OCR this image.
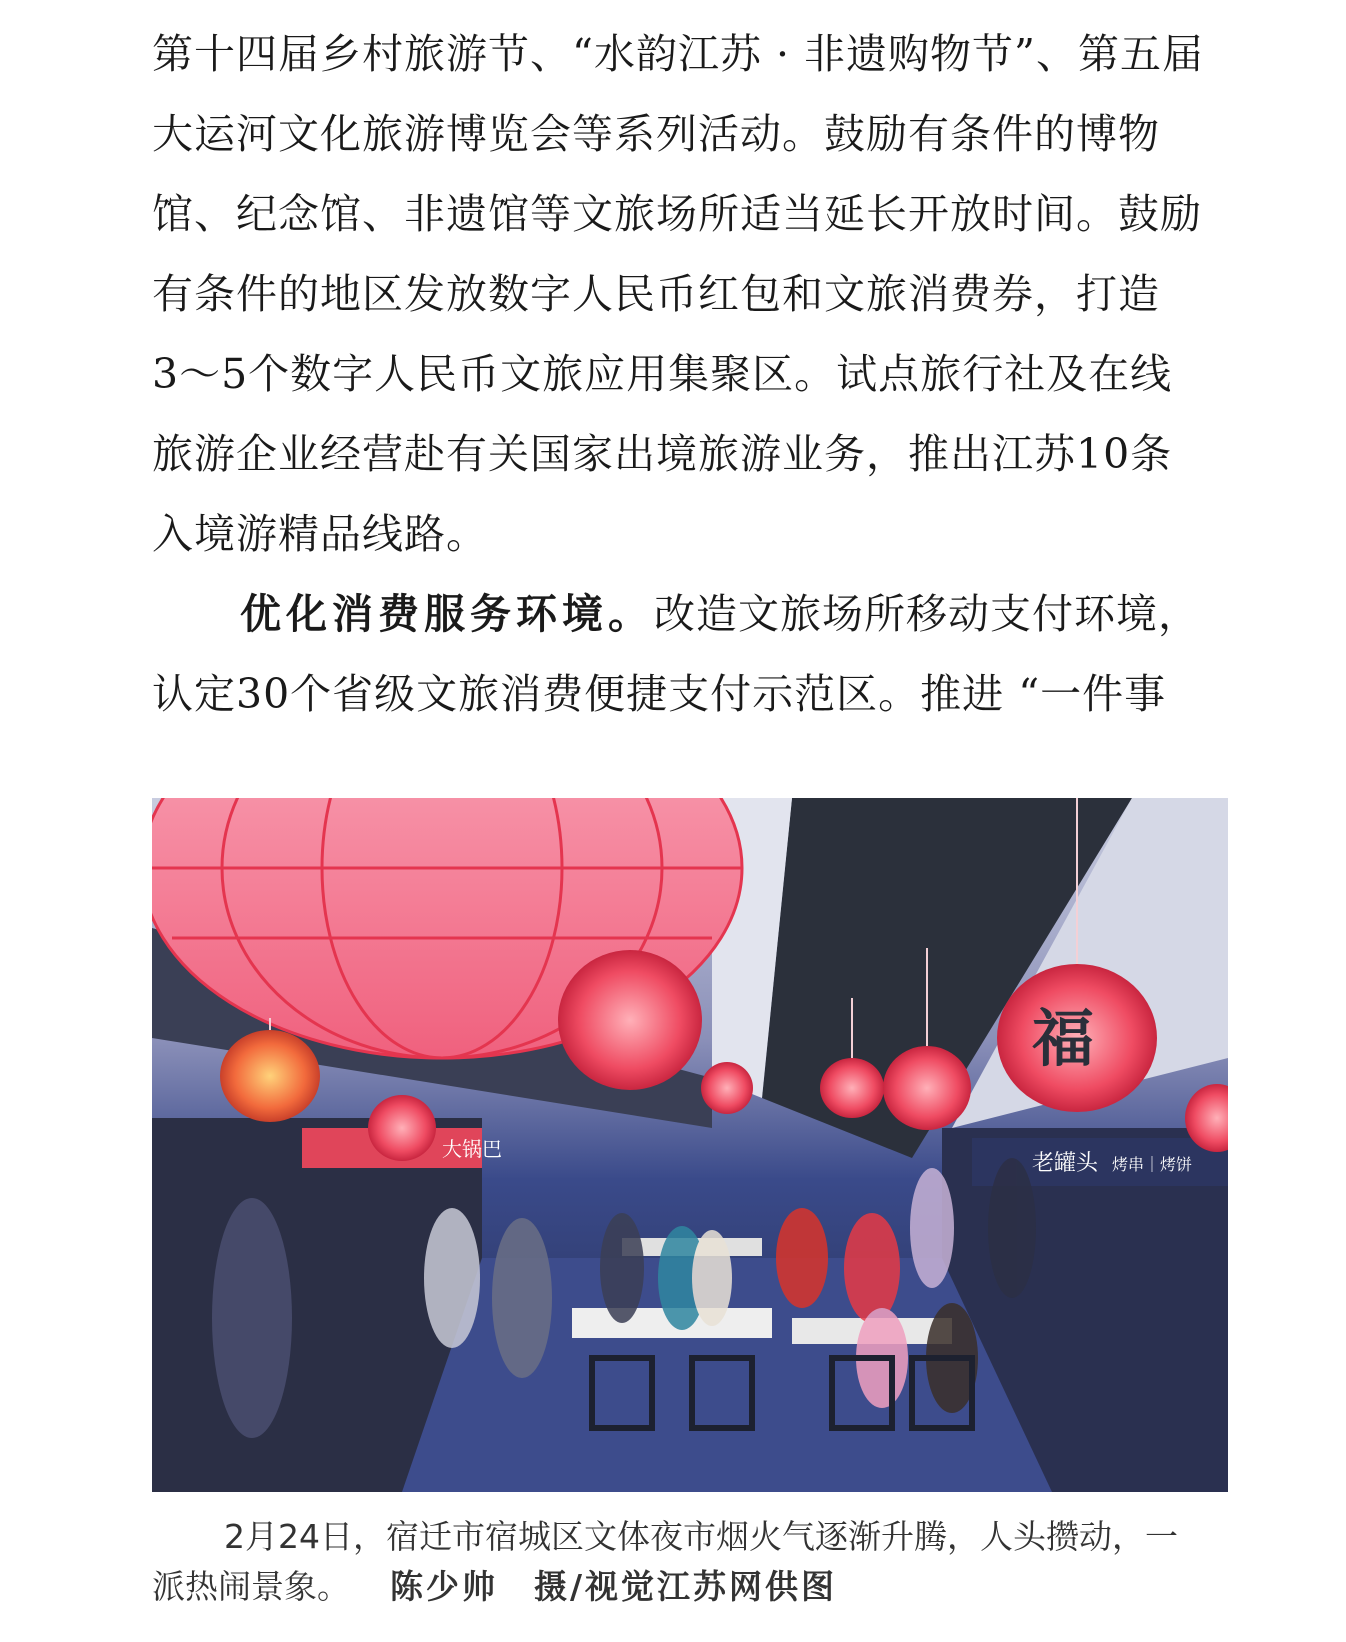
第十四届乡村旅游节、“水韵江苏 · 非遗购物节”、第五届
大运河文化旅游博览会等系列活动。鼓励有条件的博物
馆、纪念馆、非遗馆等文旅场所适当延长开放时间。鼓励
有条件的地区发放数字人民币红包和文旅消费券，打造
3～5个数字人民币文旅应用集聚区。试点旅行社及在线
旅游企业经营赴有关国家出境旅游业务，推出江苏10条
入境游精品线路。
优化消费服务环境。改造文旅场所移动支付环境，
认定30个省级文旅消费便捷支付示范区。推进 “一件事
大锅巴
老罐头 烤串｜烤饼
福
2月24日，宿迁市宿城区文体夜市烟火气逐渐升腾，人头攒动，一
派热闹景象。 陈少帅　摄/视觉江苏网供图
